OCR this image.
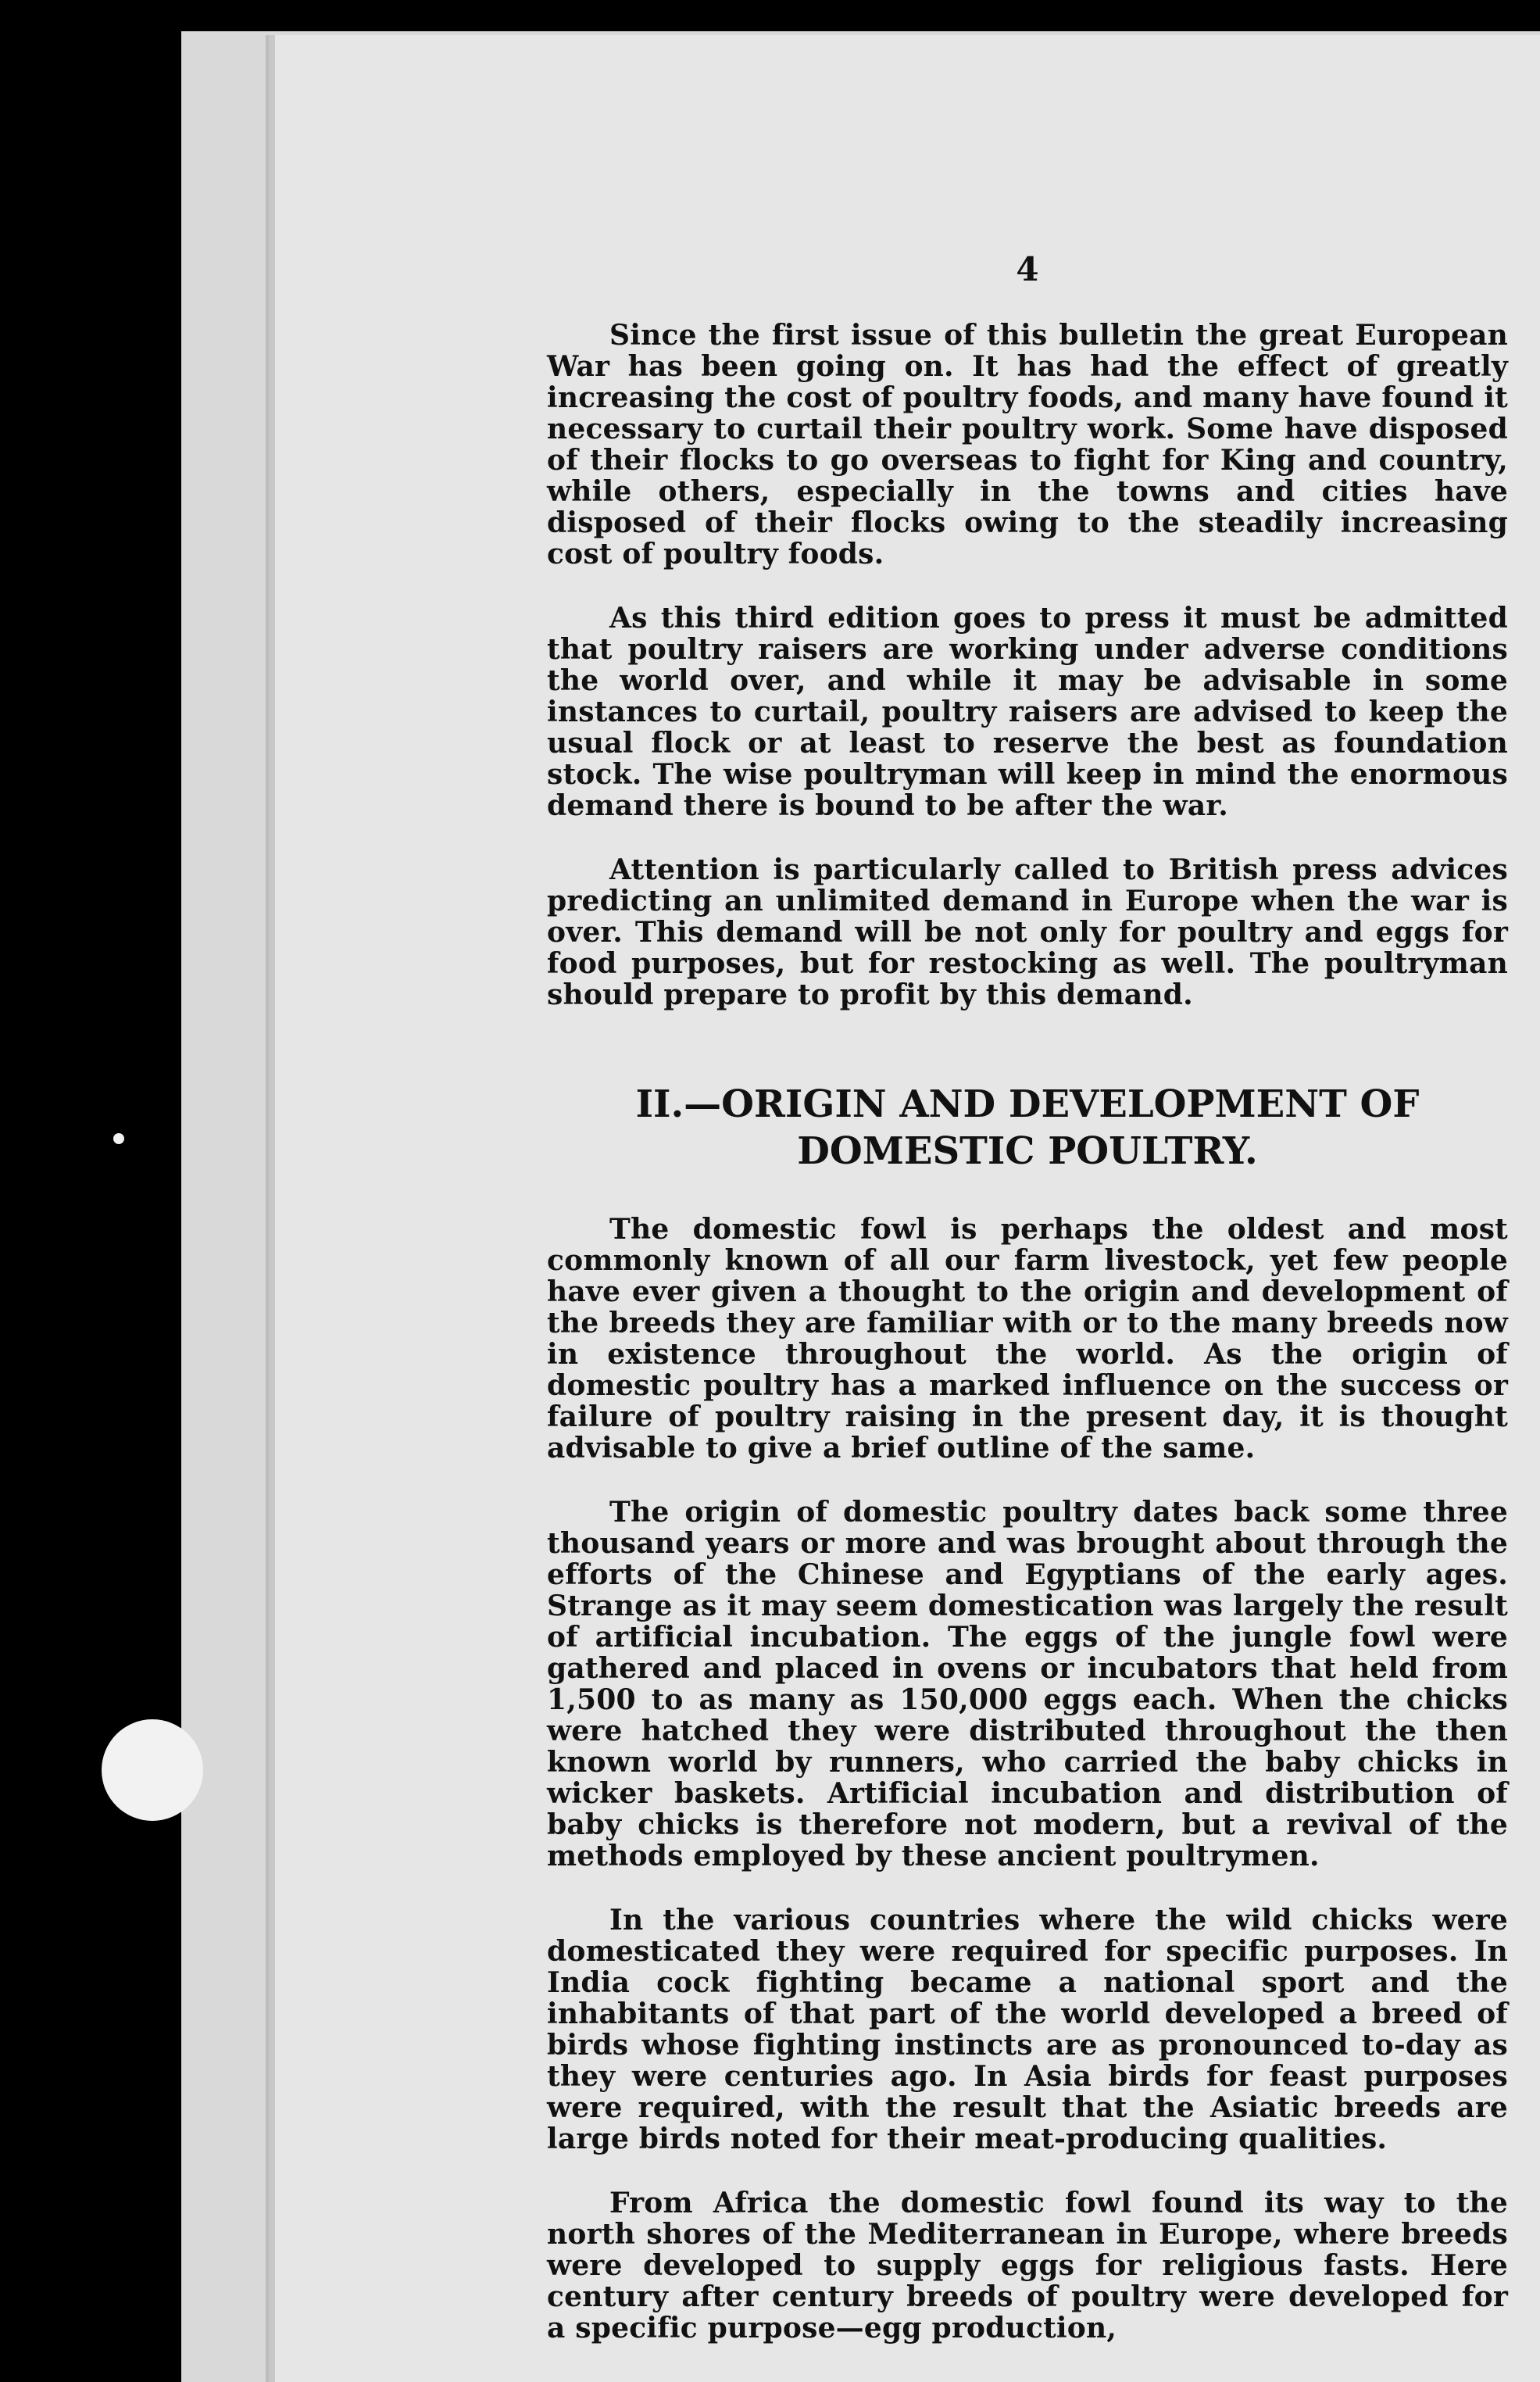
4

Since the first issue of this bulletin the great European War has been going on. It has had the effect of greatly increasing the cost of poultry foods, and many have found it necessary to curtail their poultry work. Some have disposed of their flocks to go overseas to fight for King and country, while others, especially in the towns and cities have disposed of their flocks owing to the steadily increasing cost of poultry foods.

As this third edition goes to press it must be admitted that poultry raisers are working under adverse conditions the world over, and while it may be advisable in some instances to curtail, poultry raisers are advised to keep the usual flock or at least to reserve the best as foundation stock. The wise poultryman will keep in mind the enormous demand there is bound to be after the war.

Attention is particularly called to British press advices predicting an unlimited demand in Europe when the war is over. This demand will be not only for poultry and eggs for food purposes, but for restocking as well. The poultryman should prepare to profit by this demand.

II.—ORIGIN AND DEVELOPMENT OF
DOMESTIC POULTRY.

The domestic fowl is perhaps the oldest and most commonly known of all our farm livestock, yet few people have ever given a thought to the origin and development of the breeds they are familiar with or to the many breeds now in existence throughout the world. As the origin of domestic poultry has a marked influence on the success or failure of poultry raising in the present day, it is thought advisable to give a brief outline of the same.

The origin of domestic poultry dates back some three thousand years or more and was brought about through the efforts of the Chinese and Egyptians of the early ages. Strange as it may seem domestication was largely the result of artificial incubation. The eggs of the jungle fowl were gathered and placed in ovens or incubators that held from 1,500 to as many as 150,000 eggs each. When the chicks were hatched they were distributed throughout the then known world by runners, who carried the baby chicks in wicker baskets. Artificial incubation and distribution of baby chicks is therefore not modern, but a revival of the methods employed by these ancient poultrymen.

In the various countries where the wild chicks were domesticated they were required for specific purposes. In India cock fighting became a national sport and the inhabitants of that part of the world developed a breed of birds whose fighting instincts are as pronounced to-day as they were centuries ago. In Asia birds for feast purposes were required, with the result that the Asiatic breeds are large birds noted for their meat-producing qualities.

From Africa the domestic fowl found its way to the north shores of the Mediterranean in Europe, where breeds were developed to supply eggs for religious fasts. Here century after century breeds of poultry were developed for a specific purpose—egg production,
